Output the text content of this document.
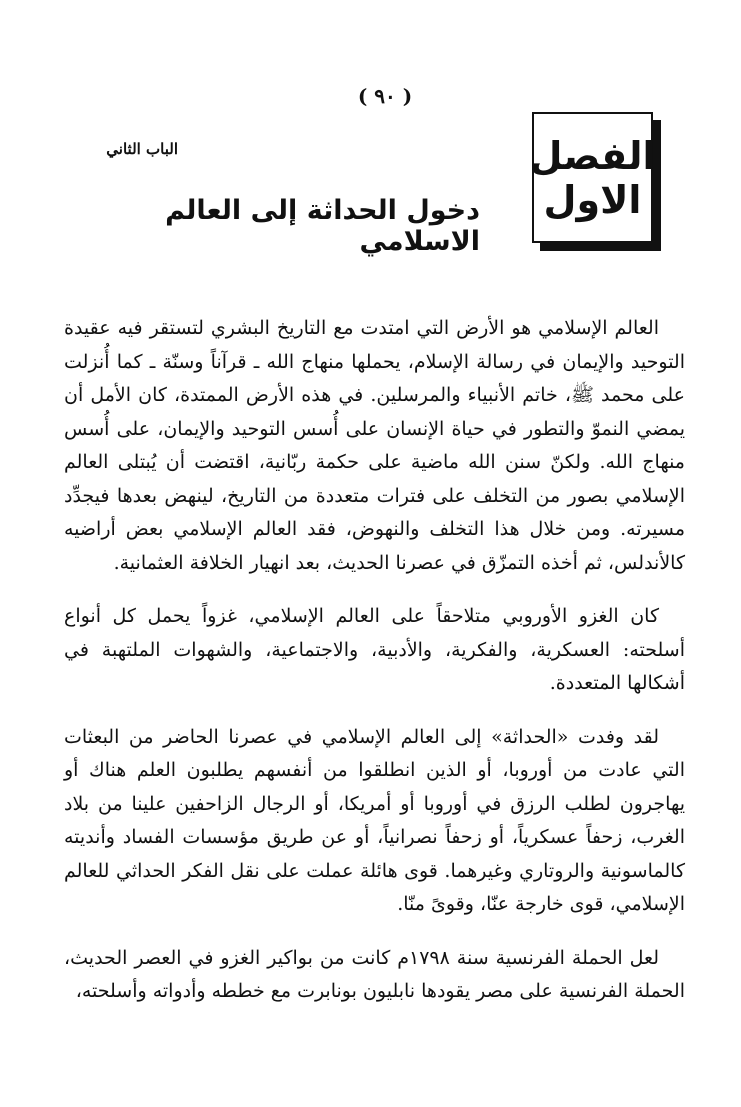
( ٩٠ )
الفصل
الاول
الباب الثاني
دخول الحداثة إلى العالم الاسلامي

العالم الإسلامي هو الأرض التي امتدت مع التاريخ البشري لتستقر فيه عقيدة التوحيد والإيمان في رسالة الإسلام، يحملها منهاج الله ـ قرآناً وسنّة ـ كما أُنزلت على محمد ﷺ، خاتم الأنبياء والمرسلين. في هذه الأرض الممتدة، كان الأمل أن يمضي النموّ والتطور في حياة الإنسان على أُسس التوحيد والإيمان، على أُسس منهاج الله. ولكنّ سنن الله ماضية على حكمة ربّانية، اقتضت أن يُبتلى العالم الإسلامي بصور من التخلف على فترات متعددة من التاريخ، لينهض بعدها فيجدِّد مسيرته. ومن خلال هذا التخلف والنهوض، فقد العالم الإسلامي بعض أراضيه كالأندلس، ثم أخذه التمزّق في عصرنا الحديث، بعد انهيار الخلافة العثمانية.

كان الغزو الأوروبي متلاحقاً على العالم الإسلامي، غزواً يحمل كل أنواع أسلحته: العسكرية، والفكرية، والأدبية، والاجتماعية، والشهوات الملتهبة في أشكالها المتعددة.

لقد وفدت «الحداثة» إلى العالم الإسلامي في عصرنا الحاضر من البعثات التي عادت من أوروبا، أو الذين انطلقوا من أنفسهم يطلبون العلم هناك أو يهاجرون لطلب الرزق في أوروبا أو أمريكا، أو الرجال الزاحفين علينا من بلاد الغرب، زحفاً عسكرياً، أو زحفاً نصرانياً، أو عن طريق مؤسسات الفساد وأنديته كالماسونية والروتاري وغيرهما. قوى هائلة عملت على نقل الفكر الحداثي للعالم الإسلامي، قوى خارجة عنّا، وقوىً منّا.

لعل الحملة الفرنسية سنة ١٧٩٨م كانت من بواكير الغزو في العصر الحديث، الحملة الفرنسية على مصر يقودها نابليون بونابرت مع خططه وأدواته وأسلحته،
